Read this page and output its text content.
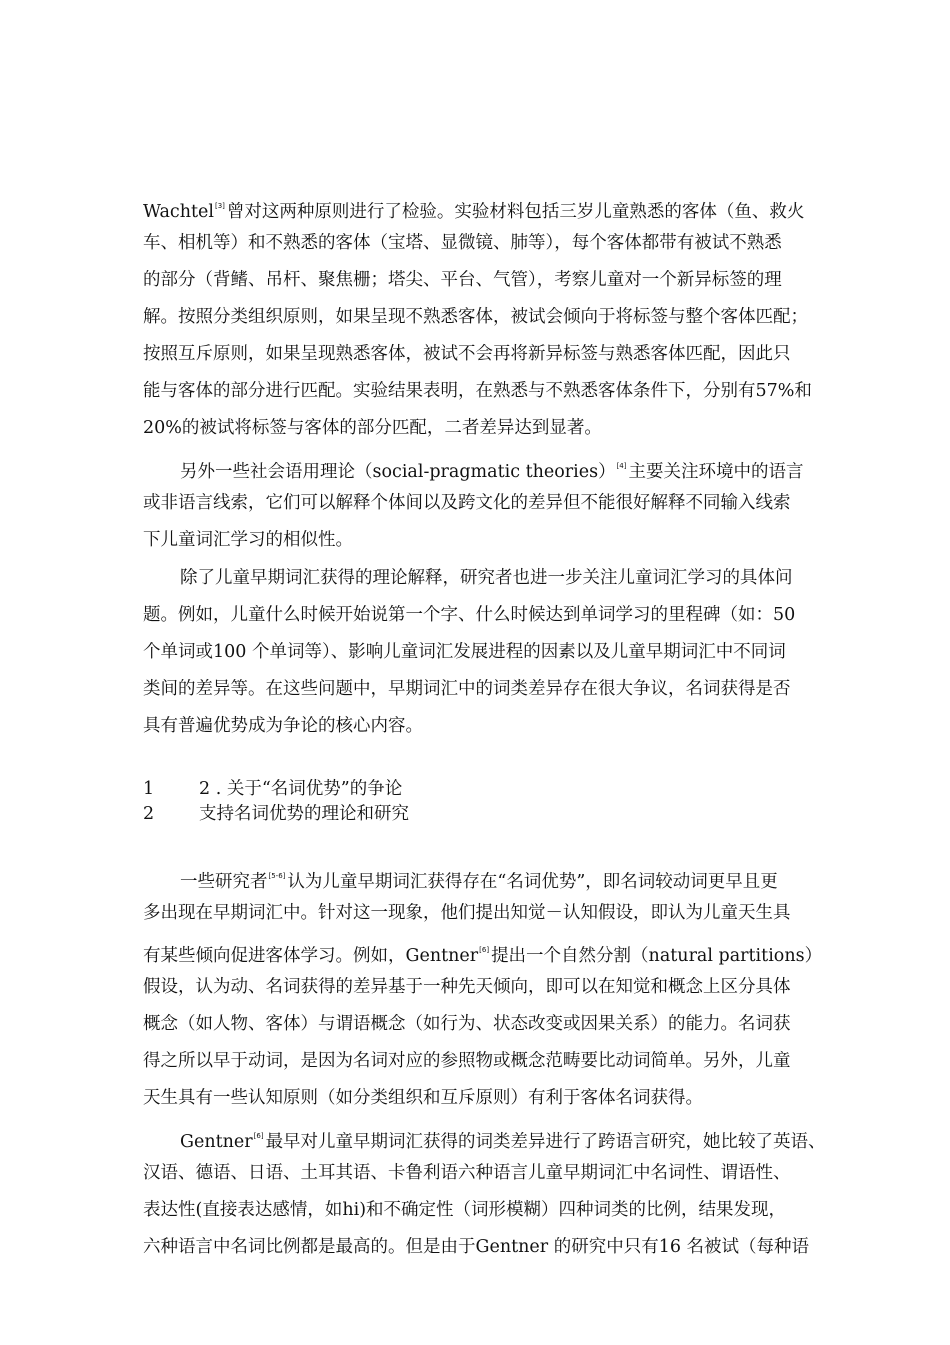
Wachtel[3] 曾对这两种原则进行了检验。实验材料包括三岁儿童熟悉的客体（鱼、救火
车、相机等）和不熟悉的客体（宝塔、显微镜、肺等），每个客体都带有被试不熟悉
的部分（背鳍、吊杆、聚焦栅；塔尖、平台、气管），考察儿童对一个新异标签的理
解。按照分类组织原则，如果呈现不熟悉客体，被试会倾向于将标签与整个客体匹配；
按照互斥原则，如果呈现熟悉客体，被试不会再将新异标签与熟悉客体匹配，因此只
能与客体的部分进行匹配。实验结果表明，在熟悉与不熟悉客体条件下，分别有57%和
20%的被试将标签与客体的部分匹配，二者差异达到显著。
另外一些社会语用理论（social-pragmatic theories）[4] 主要关注环境中的语言
或非语言线索，它们可以解释个体间以及跨文化的差异但不能很好解释不同输入线索
下儿童词汇学习的相似性。
除了儿童早期词汇获得的理论解释，研究者也进一步关注儿童词汇学习的具体问
题。例如，儿童什么时候开始说第一个字、什么时候达到单词学习的里程碑（如：50
个单词或100 个单词等）、影响儿童词汇发展进程的因素以及儿童早期词汇中不同词
类间的差异等。在这些问题中，早期词汇中的词类差异存在很大争议，名词获得是否
具有普遍优势成为争论的核心内容。
1	2 . 关于“名词优势”的争论
2	支持名词优势的理论和研究
一些研究者[5-6] 认为儿童早期词汇获得存在“名词优势”，即名词较动词更早且更
多出现在早期词汇中。针对这一现象，他们提出知觉－认知假设，即认为儿童天生具
有某些倾向促进客体学习。例如，Gentner[6] 提出一个自然分割（natural partitions）
假设，认为动、名词获得的差异基于一种先天倾向，即可以在知觉和概念上区分具体
概念（如人物、客体）与谓语概念（如行为、状态改变或因果关系）的能力。名词获
得之所以早于动词，是因为名词对应的参照物或概念范畴要比动词简单。另外，儿童
天生具有一些认知原则（如分类组织和互斥原则）有利于客体名词获得。
Gentner[6] 最早对儿童早期词汇获得的词类差异进行了跨语言研究，她比较了英语、
汉语、德语、日语、土耳其语、卡鲁利语六种语言儿童早期词汇中名词性、谓语性、
表达性(直接表达感情，如hi)和不确定性（词形模糊）四种词类的比例，结果发现，
六种语言中名词比例都是最高的。但是由于Gentner 的研究中只有16 名被试（每种语
